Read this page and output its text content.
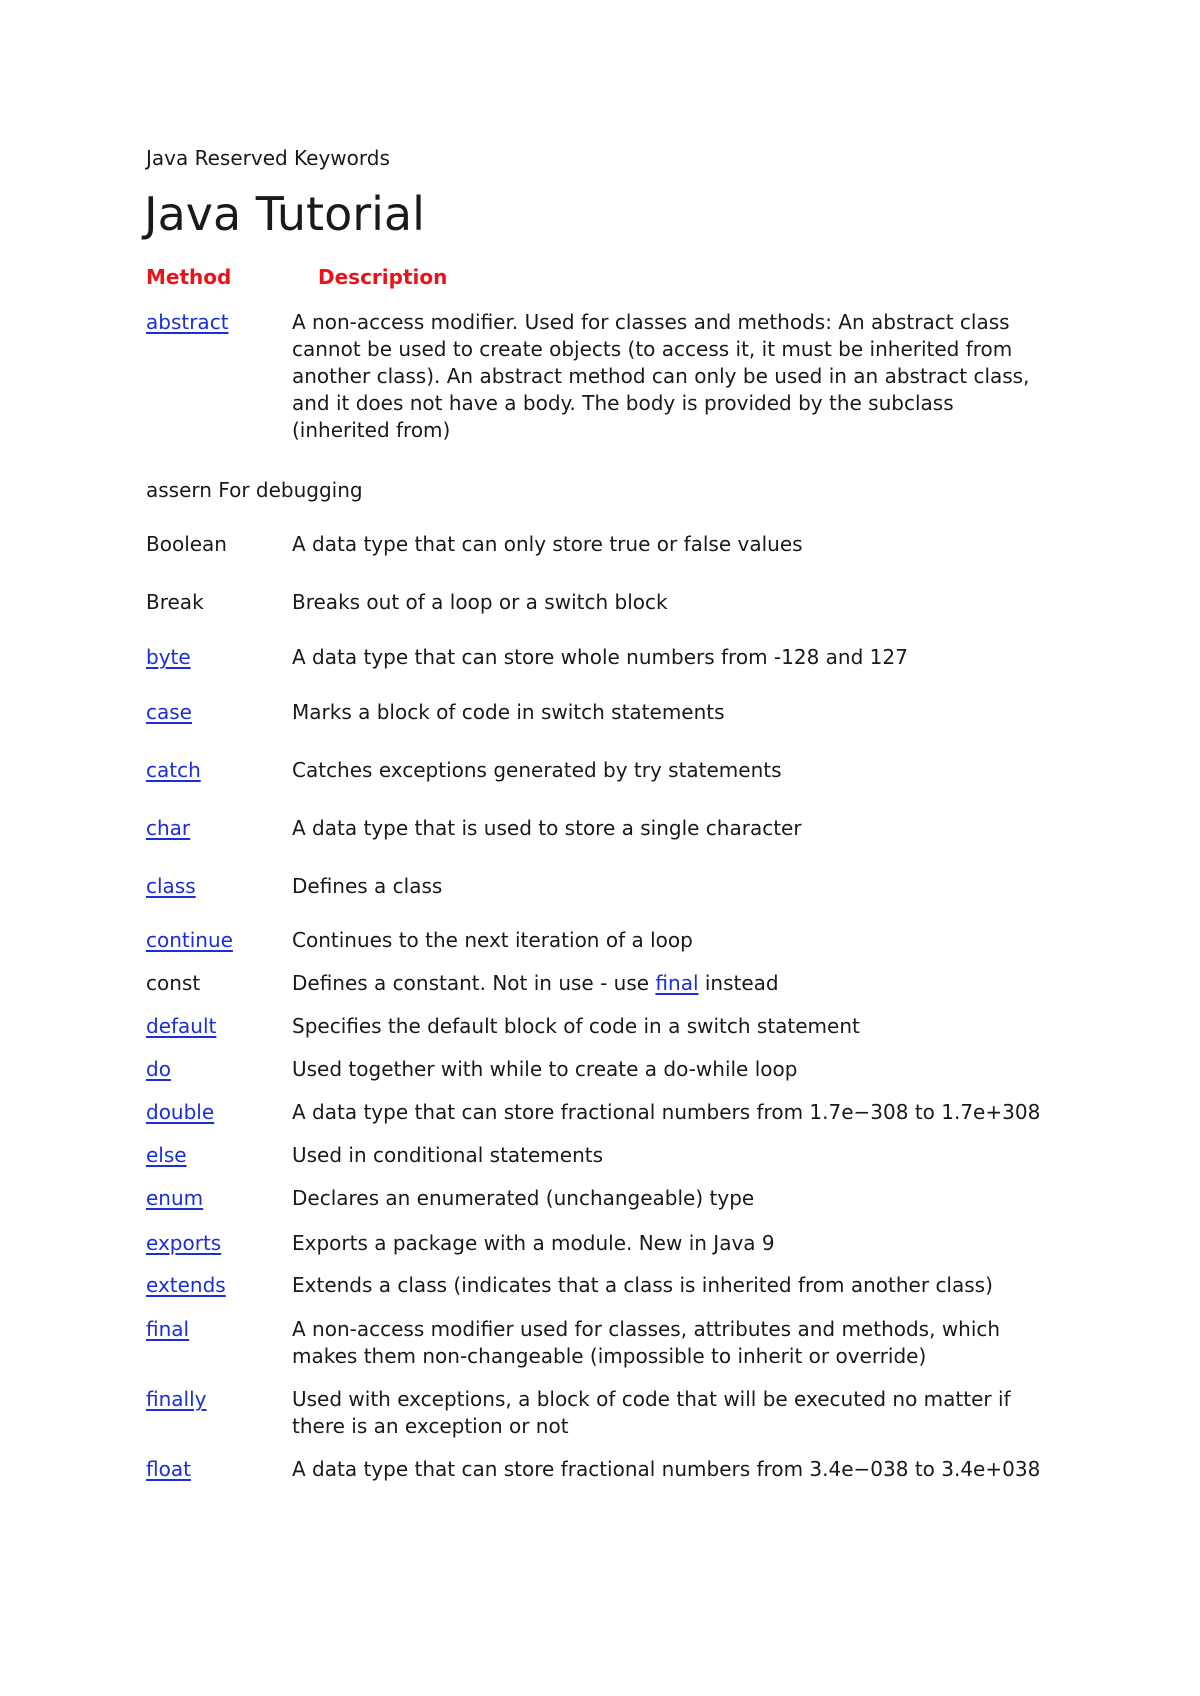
Java Reserved Keywords
Java Tutorial
Method	Description
abstract	A non-access modifier. Used for classes and methods: An abstract class cannot be used to create objects (to access it, it must be inherited from another class). An abstract method can only be used in an abstract class, and it does not have a body. The body is provided by the subclass (inherited from)
assern For debugging
Boolean	A data type that can only store true or false values
Break	Breaks out of a loop or a switch block
byte	A data type that can store whole numbers from -128 and 127
case	Marks a block of code in switch statements
catch	Catches exceptions generated by try statements
char	A data type that is used to store a single character
class	Defines a class
continue	Continues to the next iteration of a loop
const	Defines a constant. Not in use - use final instead
default	Specifies the default block of code in a switch statement
do	Used together with while to create a do-while loop
double	A data type that can store fractional numbers from 1.7e−308 to 1.7e+308
else	Used in conditional statements
enum	Declares an enumerated (unchangeable) type
exports	Exports a package with a module. New in Java 9
extends	Extends a class (indicates that a class is inherited from another class)
final	A non-access modifier used for classes, attributes and methods, which makes them non-changeable (impossible to inherit or override)
finally	Used with exceptions, a block of code that will be executed no matter if there is an exception or not
float	A data type that can store fractional numbers from 3.4e−038 to 3.4e+038
